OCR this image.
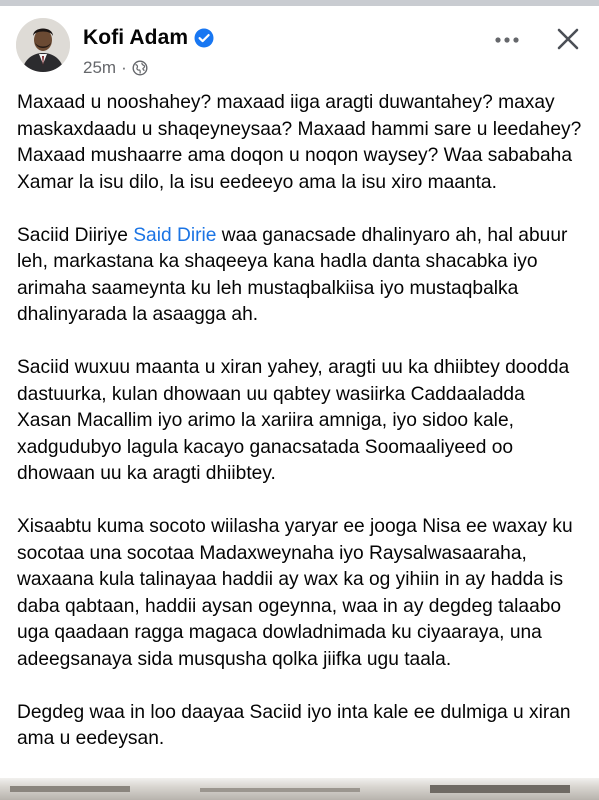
Kofi Adam
25m ·

Maxaad u nooshahey? maxaad iiga aragti duwantahey? maxay maskaxdaadu u shaqeyneysaa? Maxaad hammi sare u leedahey?Maxaad mushaarre ama doqon u noqon waysey? Waa sababaha Xamar la isu dilo, la isu eedeeyo ama la isu xiro maanta.

Saciid Diiriye Said Dirie waa ganacsade dhalinyaro ah, hal abuur leh, markastana ka shaqeeya kana hadla danta shacabka iyo arimaha saameynta ku leh mustaqbalkiisa iyo mustaqbalka dhalinyarada la asaagga ah.

Saciid wuxuu maanta u xiran yahey, aragti uu ka dhiibtey doodda dastuurka, kulan dhowaan uu qabtey wasiirka Caddaaladda Xasan Macallim iyo arimo la xariira amniga, iyo sidoo kale, xadgudubyo lagula kacayo ganacsatada Soomaaliyeed oo dhowaan uu ka aragti dhiibtey.

Xisaabtu kuma socoto wiilasha yaryar ee jooga Nisa ee waxay ku socotaa una socotaa Madaxweynaha iyo Raysalwasaaraha, waxaana kula talinayaa haddii ay wax ka og yihiin in ay hadda is daba qabtaan, haddii aysan ogeynna, waa in ay degdeg talaabo uga qaadaan ragga magaca dowladnimada ku ciyaaraya, una adeegsanaya sida musqusha qolka jiifka ugu taala.

Degdeg waa in loo daayaa Saciid iyo inta kale ee dulmiga u xiran ama u eedeysan.
